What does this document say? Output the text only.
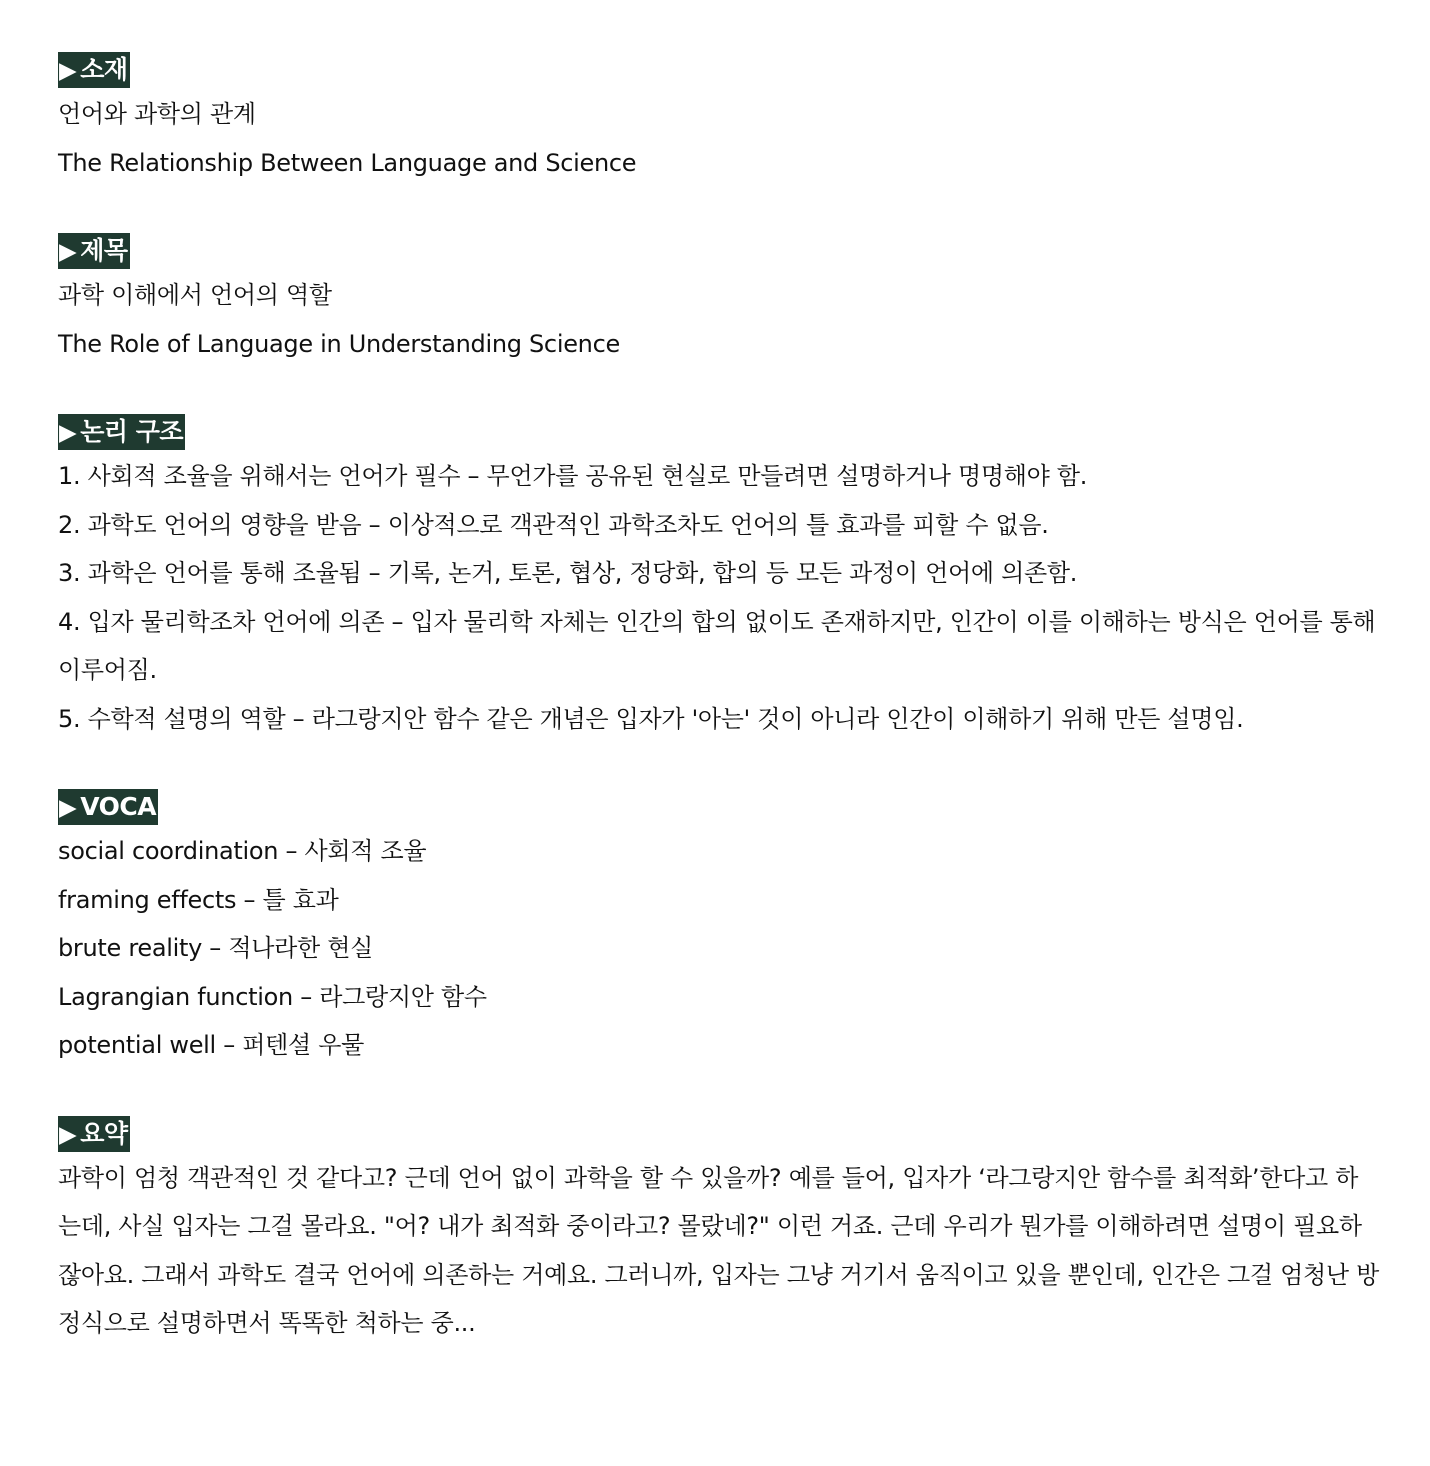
▶ 소재
언어와 과학의 관계
The Relationship Between Language and Science
▶ 제목
과학 이해에서 언어의 역할
The Role of Language in Understanding Science
▶ 논리 구조
1. 사회적 조율을 위해서는 언어가 필수 – 무언가를 공유된 현실로 만들려면 설명하거나 명명해야 함.
2. 과학도 언어의 영향을 받음 – 이상적으로 객관적인 과학조차도 언어의 틀 효과를 피할 수 없음.
3. 과학은 언어를 통해 조율됨 – 기록, 논거, 토론, 협상, 정당화, 합의 등 모든 과정이 언어에 의존함.
4. 입자 물리학조차 언어에 의존 – 입자 물리학 자체는 인간의 합의 없이도 존재하지만, 인간이 이를 이해하는 방식은 언어를 통해 이루어짐.
5. 수학적 설명의 역할 – 라그랑지안 함수 같은 개념은 입자가 '아는' 것이 아니라 인간이 이해하기 위해 만든 설명임.
▶ VOCA
social coordination – 사회적 조율
framing effects – 틀 효과
brute reality – 적나라한 현실
Lagrangian function – 라그랑지안 함수
potential well – 퍼텐셜 우물
▶ 요약
과학이 엄청 객관적인 것 같다고? 근데 언어 없이 과학을 할 수 있을까? 예를 들어, 입자가 ‘라그랑지안 함수를 최적화’한다고 하는데, 사실 입자는 그걸 몰라요. "어? 내가 최적화 중이라고? 몰랐네?" 이런 거죠. 근데 우리가 뭔가를 이해하려면 설명이 필요하잖아요. 그래서 과학도 결국 언어에 의존하는 거예요. 그러니까, 입자는 그냥 거기서 움직이고 있을 뿐인데, 인간은 그걸 엄청난 방정식으로 설명하면서 똑똑한 척하는 중...
